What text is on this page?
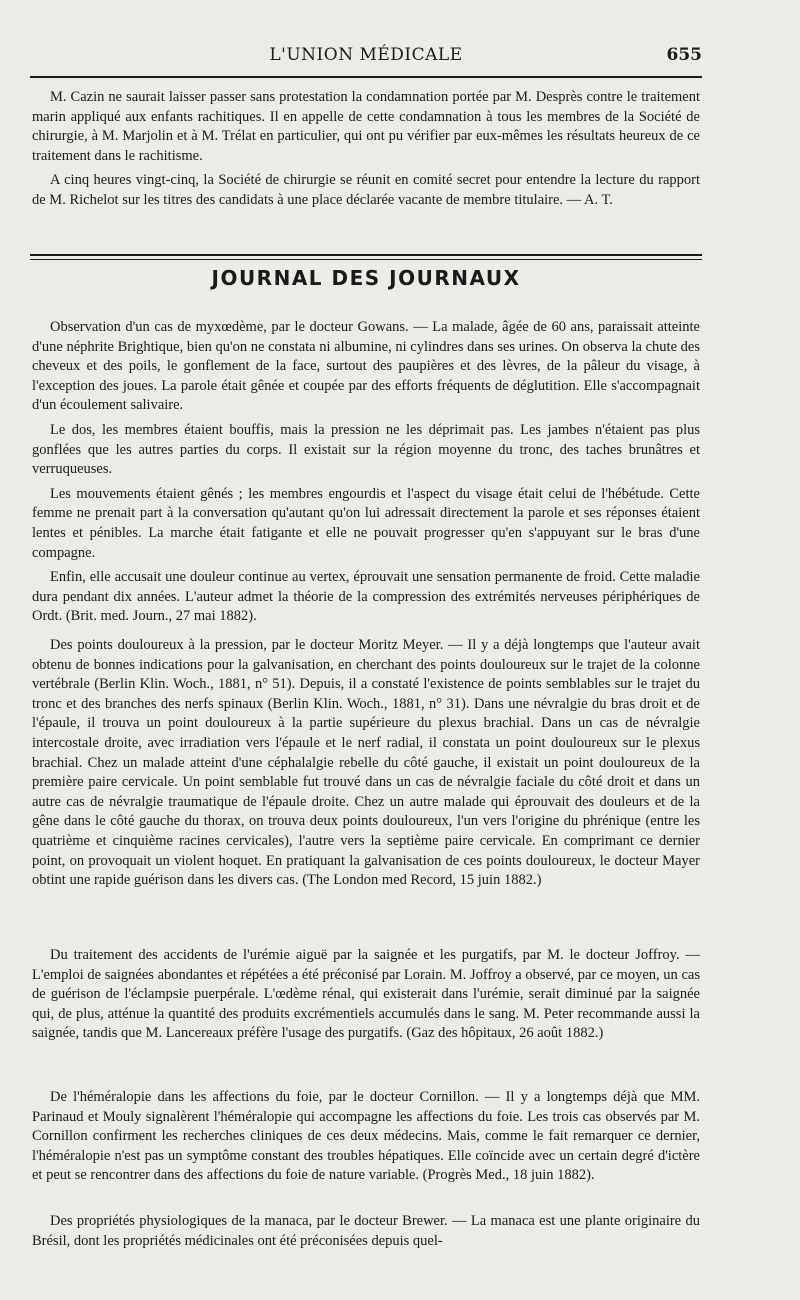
L'UNION MÉDICALE	655

M. Cazin ne saurait laisser passer sans protestation la condamnation portée par M. Desprès contre le traitement marin appliqué aux enfants rachitiques. Il en appelle de cette condamnation à tous les membres de la Société de chirurgie, à M. Marjolin et à M. Trélat en particulier, qui ont pu vérifier par eux-mêmes les résultats heureux de ce traitement dans le rachitisme.

A cinq heures vingt-cinq, la Société de chirurgie se réunit en comité secret pour entendre la lecture du rapport de M. Richelot sur les titres des candidats à une place déclarée vacante de membre titulaire. — A. T.

JOURNAL DES JOURNAUX

Observation d'un cas de myxœdème, par le docteur Gowans. — La malade, âgée de 60 ans, paraissait atteinte d'une néphrite Brightique, bien qu'on ne constata ni albumine, ni cylindres dans ses urines. On observa la chute des cheveux et des poils, le gonflement de la face, surtout des paupières et des lèvres, de la pâleur du visage, à l'exception des joues. La parole était gênée et coupée par des efforts fréquents de déglutition. Elle s'accompagnait d'un écoulement salivaire.

Le dos, les membres étaient bouffis, mais la pression ne les déprimait pas. Les jambes n'étaient pas plus gonflées que les autres parties du corps. Il existait sur la région moyenne du tronc, des taches brunâtres et verruqueuses.

Les mouvements étaient gênés ; les membres engourdis et l'aspect du visage était celui de l'hébétude. Cette femme ne prenait part à la conversation qu'autant qu'on lui adressait directement la parole et ses réponses étaient lentes et pénibles. La marche était fatigante et elle ne pouvait progresser qu'en s'appuyant sur le bras d'une compagne.

Enfin, elle accusait une douleur continue au vertex, éprouvait une sensation permanente de froid. Cette maladie dura pendant dix années. L'auteur admet la théorie de la compression des extrémités nerveuses périphériques de Ordt. (Brit. med. Journ., 27 mai 1882).

Des points douloureux à la pression, par le docteur Moritz Meyer. — Il y a déjà longtemps que l'auteur avait obtenu de bonnes indications pour la galvanisation, en cherchant des points douloureux sur le trajet de la colonne vertébrale (Berlin Klin. Woch., 1881, n° 51). Depuis, il a constaté l'existence de points semblables sur le trajet du tronc et des branches des nerfs spinaux (Berlin Klin. Woch., 1881, n° 31). Dans une névralgie du bras droit et de l'épaule, il trouva un point douloureux à la partie supérieure du plexus brachial. Dans un cas de névralgie intercostale droite, avec irradiation vers l'épaule et le nerf radial, il constata un point douloureux sur le plexus brachial. Chez un malade atteint d'une céphalalgie rebelle du côté gauche, il existait un point douloureux de la première paire cervicale. Un point semblable fut trouvé dans un cas de névralgie faciale du côté droit et dans un autre cas de névralgie traumatique de l'épaule droite. Chez un autre malade qui éprouvait des douleurs et de la gêne dans le côté gauche du thorax, on trouva deux points douloureux, l'un vers l'origine du phrénique (entre les quatrième et cinquième racines cervicales), l'autre vers la septième paire cervicale. En comprimant ce dernier point, on provoquait un violent hoquet. En pratiquant la galvanisation de ces points douloureux, le docteur Mayer obtint une rapide guérison dans les divers cas. (The London med Record, 15 juin 1882.)

Du traitement des accidents de l'urémie aiguë par la saignée et les purgatifs, par M. le docteur Joffroy. — L'emploi de saignées abondantes et répétées a été préconisé par Lorain. M. Joffroy a observé, par ce moyen, un cas de guérison de l'éclampsie puerpérale. L'œdème rénal, qui existerait dans l'urémie, serait diminué par la saignée qui, de plus, atténue la quantité des produits excrémentiels accumulés dans le sang. M. Peter recommande aussi la saignée, tandis que M. Lancereaux préfère l'usage des purgatifs. (Gaz des hôpitaux, 26 août 1882.)

De l'héméralopie dans les affections du foie, par le docteur Cornillon. — Il y a longtemps déjà que MM. Parinaud et Mouly signalèrent l'héméralopie qui accompagne les affections du foie. Les trois cas observés par M. Cornillon confirment les recherches cliniques de ces deux médecins. Mais, comme le fait remarquer ce dernier, l'héméralopie n'est pas un symptôme constant des troubles hépatiques. Elle coïncide avec un certain degré d'ictère et peut se rencontrer dans des affections du foie de nature variable. (Progrès Med., 18 juin 1882).

Des propriétés physiologiques de la manaca, par le docteur Brewer. — La manaca est une plante originaire du Brésil, dont les propriétés médicinales ont été préconisées depuis quel-
